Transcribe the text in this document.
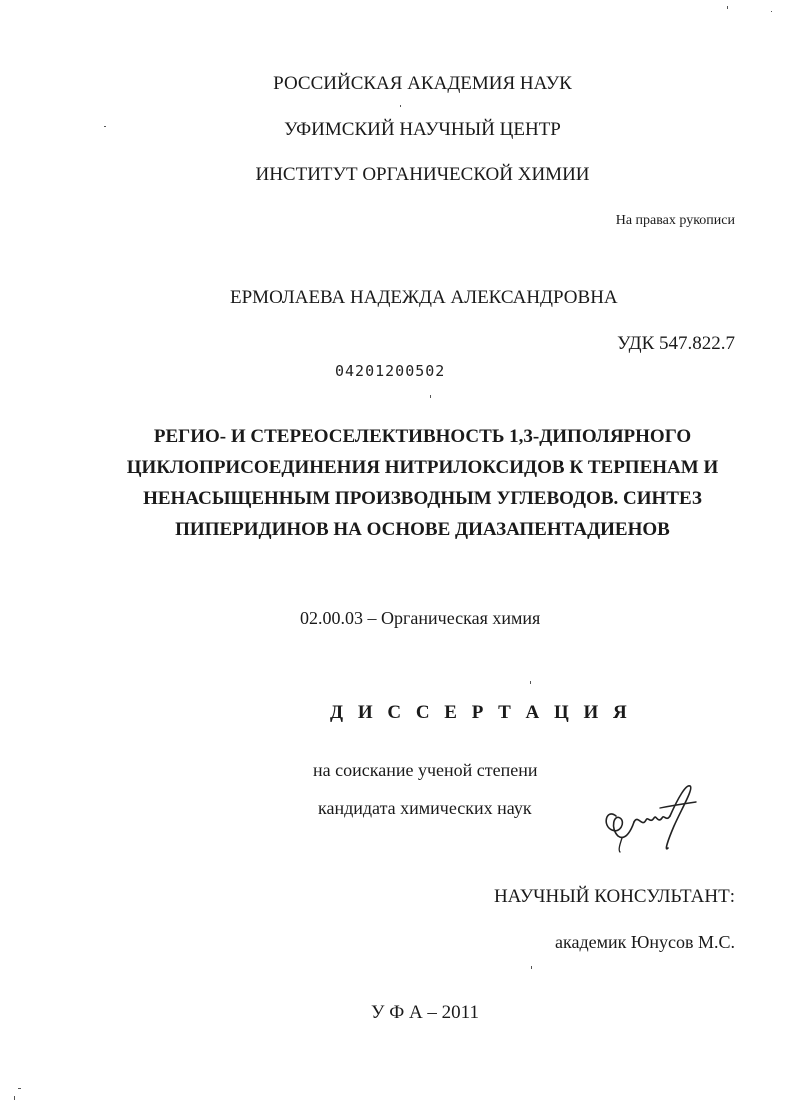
РОССИЙСКАЯ АКАДЕМИЯ НАУК
УФИМСКИЙ НАУЧНЫЙ ЦЕНТР
ИНСТИТУТ ОРГАНИЧЕСКОЙ ХИМИИ
На правах рукописи
ЕРМОЛАЕВА НАДЕЖДА АЛЕКСАНДРОВНА
УДК 547.822.7
04201200502
РЕГИО- И СТЕРЕОСЕЛЕКТИВНОСТЬ 1,3-ДИПОЛЯРНОГО
ЦИКЛОПРИСОЕДИНЕНИЯ НИТРИЛОКСИДОВ К ТЕРПЕНАМ И
НЕНАСЫЩЕННЫМ ПРОИЗВОДНЫМ УГЛЕВОДОВ. СИНТЕЗ
ПИПЕРИДИНОВ НА ОСНОВЕ ДИАЗАПЕНТАДИЕНОВ
02.00.03 – Органическая химия
Д И С С Е Р Т А Ц И Я
на соискание ученой степени
кандидата химических наук
НАУЧНЫЙ КОНСУЛЬТАНТ:
академик Юнусов М.С.
У Ф А – 2011
